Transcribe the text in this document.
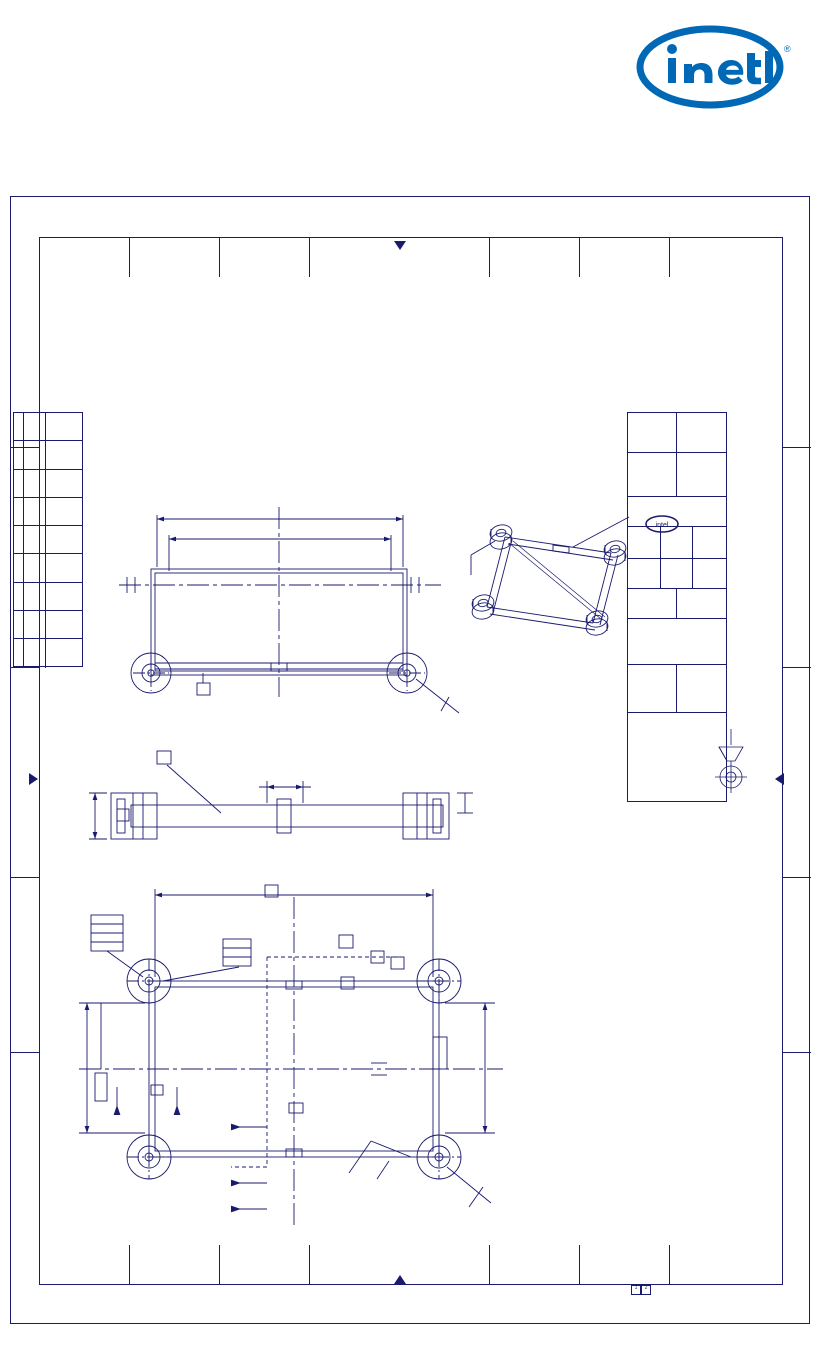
®
intel
1	2
